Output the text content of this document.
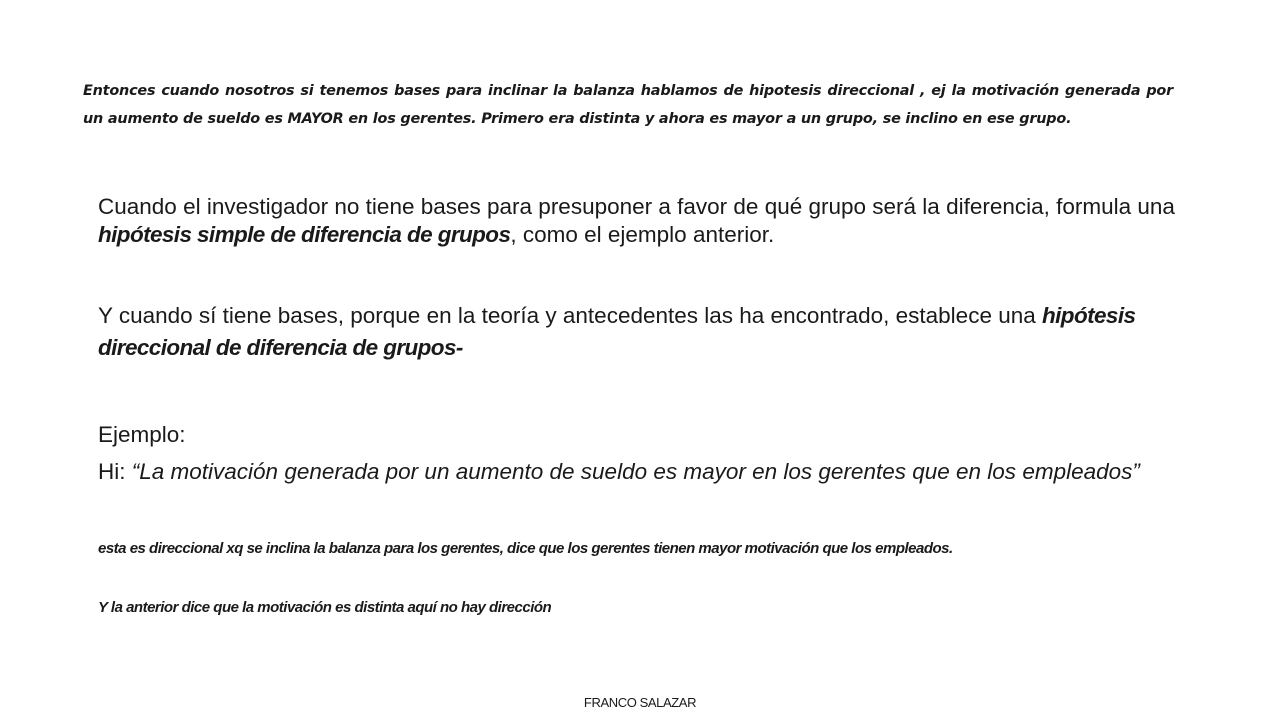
Entonces cuando nosotros si tenemos bases para inclinar la balanza hablamos de hipotesis direccional , ej la motivación generada por un aumento de sueldo es MAYOR en los gerentes. Primero era distinta y ahora es mayor a un grupo, se inclino en ese grupo.

Cuando el investigador no tiene bases para presuponer a favor de qué grupo será la diferencia, formula una hipótesis simple de diferencia de grupos, como el ejemplo anterior.

Y cuando sí tiene bases, porque en la teoría y antecedentes las ha encontrado, establece una hipótesis direccional de diferencia de grupos-

Ejemplo:

Hi: “La motivación generada por un aumento de sueldo es mayor en los gerentes que en los empleados”

esta es direccional xq se inclina la balanza para los gerentes, dice que los gerentes tienen mayor motivación que los empleados.

Y la anterior dice que la motivación es distinta aquí no hay dirección

FRANCO SALAZAR
